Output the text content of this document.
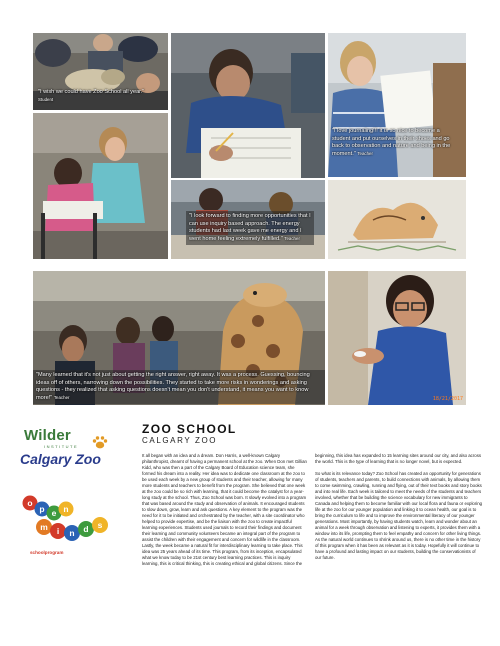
"I wish we could have Zoo School all year." Student
"I love journaling!!! It is so nice to become a student and put ourselves in their shoes and go back to observation and nature and being in the moment." Teacher
"I look forward to finding more opportunities that I can use inquiry based approach. The energy students had last week gave me energy and I went home feeling extremely fulfilled." Teacher
"Many learned that it's not just about getting the right answer, right away. It was a process. Guessing, bouncing ideas off of others, narrowing down the possibilities. They started to take more risks in wonderings and asking questions - they realized that asking questions doesn't mean you don't understand, it means you want to know more!" Teacher	18/21/2017
Wilder
INSTITUTE
Calgary Zoo
o
p e n
m i n d s
schoolprogram
ZOO SCHOOL
CALGARY ZOO

It all began with an idea and a dream. Don Harris, a well-known Calgary philanthropist, dreamt of having a permanent school at the zoo. When Don met Gillian Kidd, who was then a part of the Calgary Board of Education science team, she formed his dream into a reality. Her idea was to dedicate one classroom at the zoo to be used each week by a new group of students and their teacher, allowing for many more students and teachers to benefit from the program. She believed that one week at the zoo could be so rich with learning, that it could become the catalyst for a year-long study at the school. Thus, Zoo School was born. It slowly evolved into a program that was based around the study and observation of animals. It encouraged students to slow down, grow, learn and ask questions. A key element to the program was the need for it to be initiated and orchestrated by the teacher, with a site coordinator who helped to provide expertise, and be the liaison with the zoo to create impactful learning experiences. Students used journals to record their findings and document their learning and community volunteers became an integral part of the program to assist the children with their engagement and concern for wildlife in the classroom. Lastly, the week became a natural fit for interdisciplinary learning to take place. This idea was 25 years ahead of its time. This program, from its inception, encapsulated what we know today to be 21st century best learning practices. This is inquiry learning, this is critical thinking, this is creating ethical and global citizens. Since the

beginning, this idea has expanded to 15 learning sites around our city, and also across the world. This is the type of learning that is no longer novel, but is expected.

So what is its relevance today? Zoo School has created an opportunity for generations of students, teachers and parents, to build connections with animals, by allowing them to come swimming, crawling, running and flying, out of their text books and story books and into real life. Each week is tailored to meet the needs of the students and teachers involved, whether that be building the science vocabulary for new immigrants to Canada and helping them to become familiar with our local flora and fauna or exploring life at the zoo for our younger population and linking it to ocean health, our goal is to bring the curriculum to life and to improve the environmental literacy of our younger generations. Most importantly, by having students watch, learn and wonder about an animal for a week through observation and listening to experts, it provides them with a window into its life, prompting them to feel empathy and concern for other living things. As the natural world continues to shrink around us, there is no other time in the history of this program when it has been as relevant as it is today. Hopefully it will continue to have a profound and lasting impact on our students, building the conservationists of our future.
